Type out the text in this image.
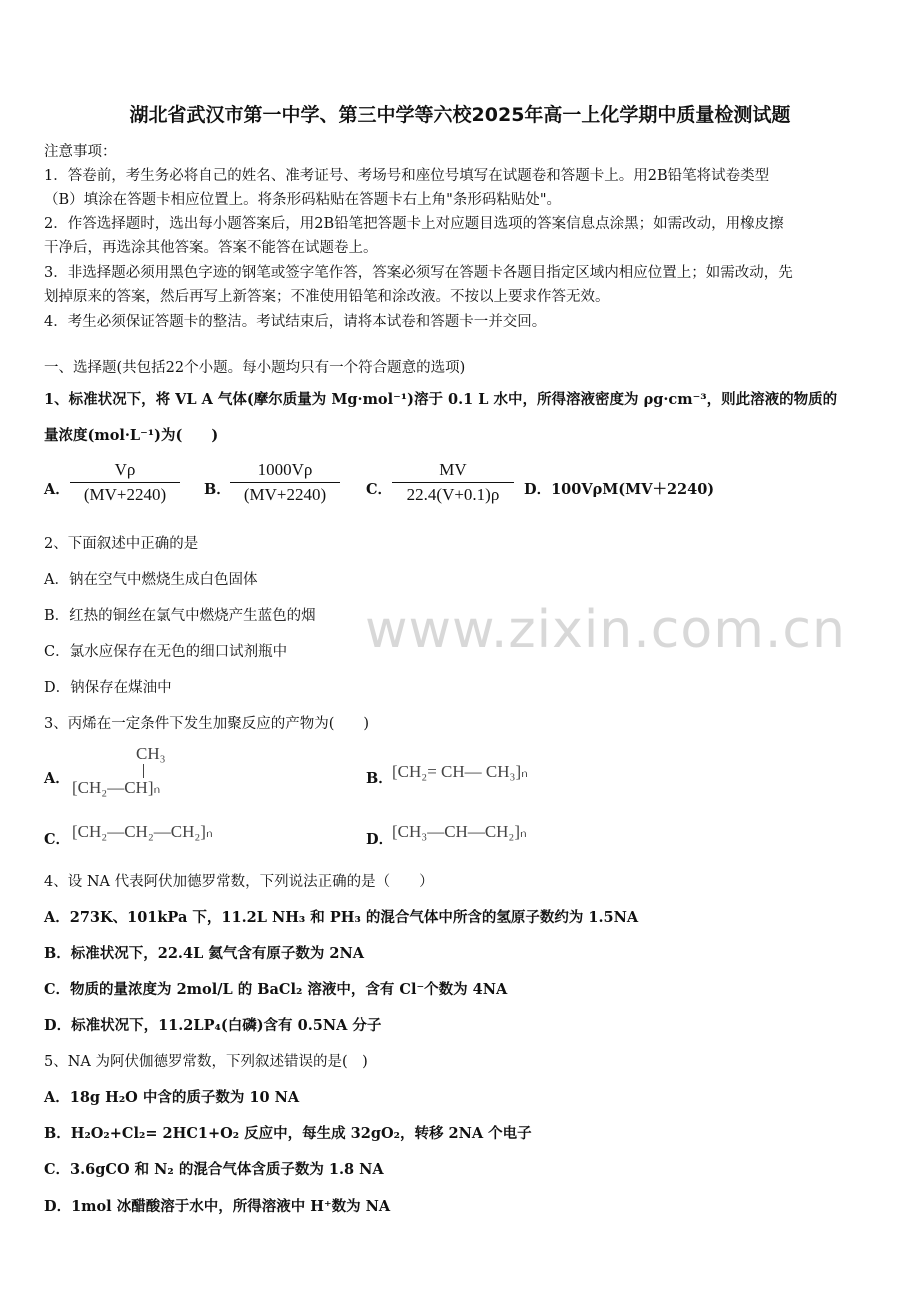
湖北省武汉市第一中学、第三中学等六校2025年高一上化学期中质量检测试题
注意事项：
1．答卷前，考生务必将自己的姓名、准考证号、考场号和座位号填写在试题卷和答题卡上。用2B铅笔将试卷类型
（B）填涂在答题卡相应位置上。将条形码粘贴在答题卡右上角"条形码粘贴处"。
2．作答选择题时，选出每小题答案后，用2B铅笔把答题卡上对应题目选项的答案信息点涂黑；如需改动，用橡皮擦
干净后，再选涂其他答案。答案不能答在试题卷上。
3．非选择题必须用黑色字迹的钢笔或签字笔作答，答案必须写在答题卡各题目指定区域内相应位置上；如需改动，先
划掉原来的答案，然后再写上新答案；不准使用铅笔和涂改液。不按以上要求作答无效。
4．考生必须保证答题卡的整洁。考试结束后，请将本试卷和答题卡一并交回。
一、选择题(共包括22个小题。每小题均只有一个符合题意的选项)
1、标准状况下，将 VL A 气体(摩尔质量为 Mg·mol⁻¹)溶于 0.1 L 水中，所得溶液密度为 ρg·cm⁻³，则此溶液的物质的
量浓度(mol·L⁻¹)为(　　)
A． $\frac{V\rho}{(MV+2240)}$ B． $\frac{1000V\rho}{(MV+2240)}$ C． $\frac{MV}{22.4(V+0.1)\rho}$ D．100VρM(MV＋2240)
2、下面叙述中正确的是
A．钠在空气中燃烧生成白色固体
B．红热的铜丝在氯气中燃烧产生蓝色的烟
C．氯水应保存在无色的细口试剂瓶中
D．钠保存在煤油中
3、丙烯在一定条件下发生加聚反应的产物为(　　)
A．
CH₃
[CH₂—CH]ₙ	B． [CH₂= CH— CH₃]ₙ
C． [CH₂—CH₂—CH₂]ₙ	D．
[CH₃—CH—CH₂]ₙ
4、设 NA 代表阿伏加德罗常数，下列说法正确的是（　　）
A．273K、101kPa 下，11.2L NH₃ 和 PH₃ 的混合气体中所含的氢原子数约为 1.5NA
B．标准状况下，22.4L 氦气含有原子数为 2NA
C．物质的量浓度为 2mol/L 的 BaCl₂ 溶液中，含有 Cl⁻个数为 4NA
D．标准状况下，11.2LP₄(白磷)含有 0.5NA 分子
5、NA 为阿伏伽德罗常数，下列叙述错误的是(　)
A．18g H₂O 中含的质子数为 10 NA
B．H₂O₂+Cl₂= 2HC1+O₂ 反应中，每生成 32gO₂，转移 2NA 个电子
C．3.6gCO 和 N₂ 的混合气体含质子数为 1.8 NA
D．1mol 冰醋酸溶于水中，所得溶液中 H⁺数为 NA
www.zixin.com.cn
